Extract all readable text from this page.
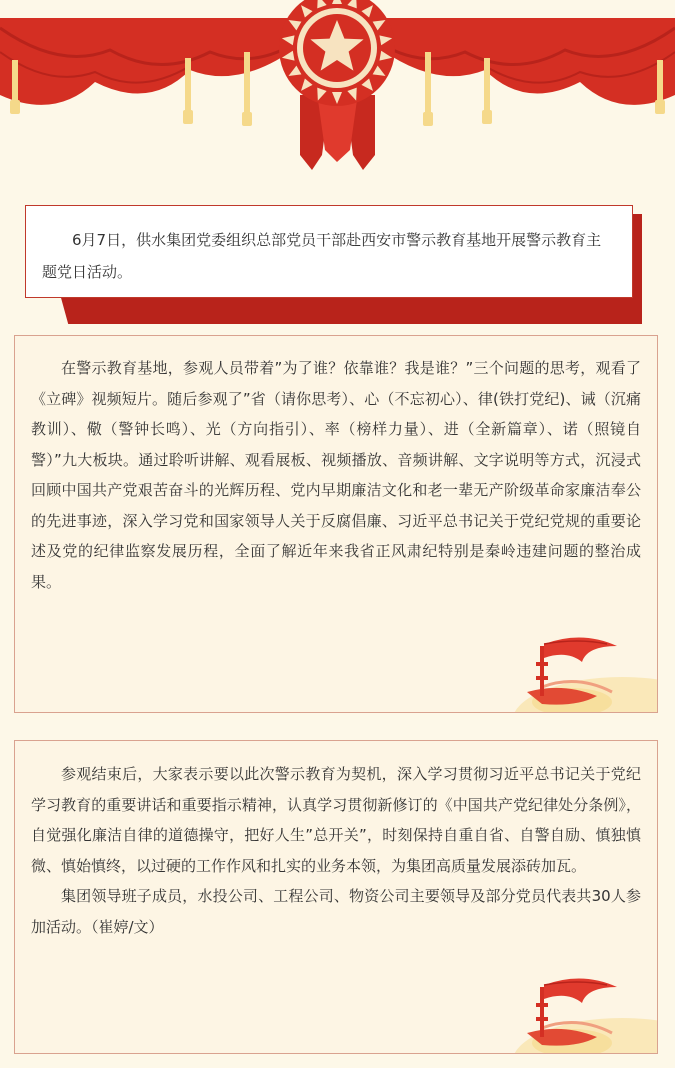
6月7日，供水集团党委组织总部党员干部赴西安市警示教育基地开展警示教育主题党日活动。

在警示教育基地，参观人员带着”为了谁？依靠谁？我是谁？”三个问题的思考，观看了《立碑》视频短片。随后参观了”省（请你思考）、心（不忘初心）、律(铁打党纪)、诫（沉痛教训）、儆（警钟长鸣）、光（方向指引）、率（榜样力量）、进（全新篇章）、诺（照镜自警）”九大板块。通过聆听讲解、观看展板、视频播放、音频讲解、文字说明等方式，沉浸式回顾中国共产党艰苦奋斗的光辉历程、党内早期廉洁文化和老一辈无产阶级革命家廉洁奉公的先进事迹，深入学习党和国家领导人关于反腐倡廉、习近平总书记关于党纪党规的重要论述及党的纪律监察发展历程，全面了解近年来我省正风肃纪特别是秦岭违建问题的整治成果。

参观结束后，大家表示要以此次警示教育为契机，深入学习贯彻习近平总书记关于党纪学习教育的重要讲话和重要指示精神，认真学习贯彻新修订的《中国共产党纪律处分条例》，自觉强化廉洁自律的道德操守，把好人生”总开关”，时刻保持自重自省、自警自励、慎独慎微、慎始慎终，以过硬的工作作风和扎实的业务本领，为集团高质量发展添砖加瓦。

集团领导班子成员，水投公司、工程公司、物资公司主要领导及部分党员代表共30人参加活动。（崔婷/文）
